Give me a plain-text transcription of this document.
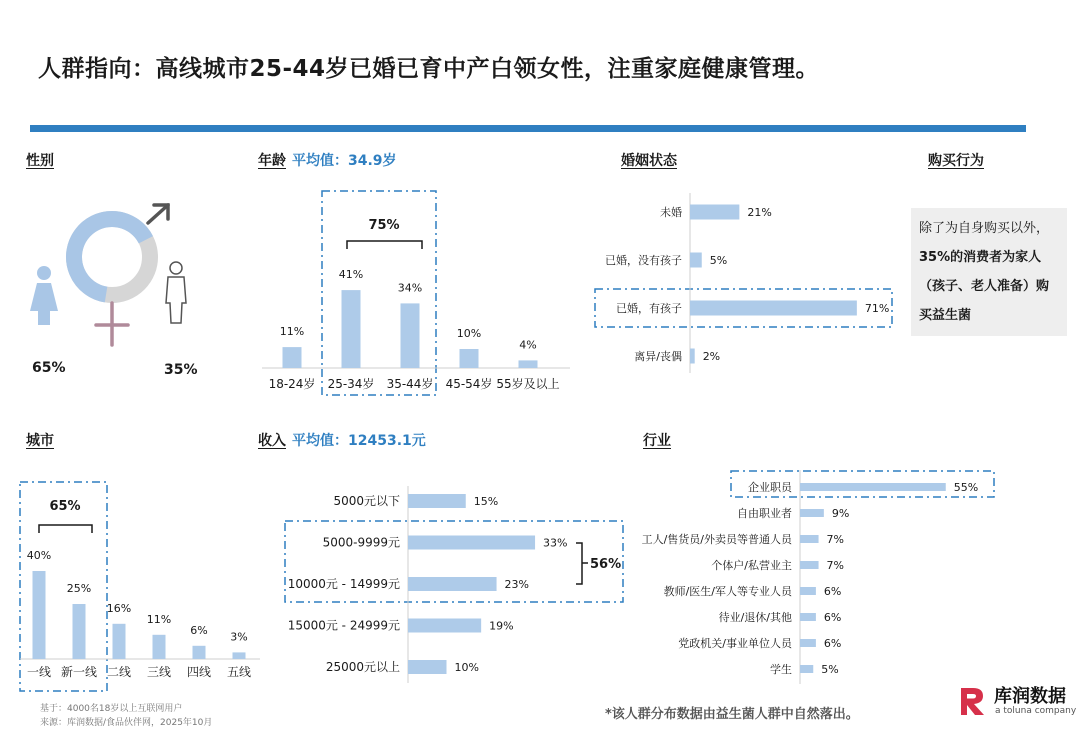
人群指向：高线城市25-44岁已婚已育中产白领女性，注重家庭健康管理。
性别	年龄 平均值：34.9岁	婚姻状态	购买行为
城市	收入 平均值：12453.1元	行业
65%	35%
75%
11%
18-24岁
41%
25-34岁
34%
35-44岁
10%
45-54岁
4%
55岁及以上
未婚	21%
已婚，没有孩子	5%
已婚，有孩子	71%
离异/丧偶 2%
除了为自身购买以外，
35%的消费者为家人
（孩子、老人准备）购
买益生菌
65%
40%
一线
25%
新一线
16%
二线
11%
三线
6%
四线
3%
五线
56%
5000元以下	15%
5000-9999元	33%
10000元 - 14999元	23%
15000元 - 24999元	19%
25000元以上	10%
企业职员	55%
自由职业者	9%
工人/售货员/外卖员等普通人员	7%
个体户/私营业主	7%
教师/医生/军人等专业人员	6%
待业/退休/其他	6%
党政机关/事业单位人员	6%
学生	5%
基于：4000名18岁以上互联网用户
来源：库润数据/食品伙伴网，2025年10月
*该人群分布数据由益生菌人群中自然落出。
库润数据
a toluna company
